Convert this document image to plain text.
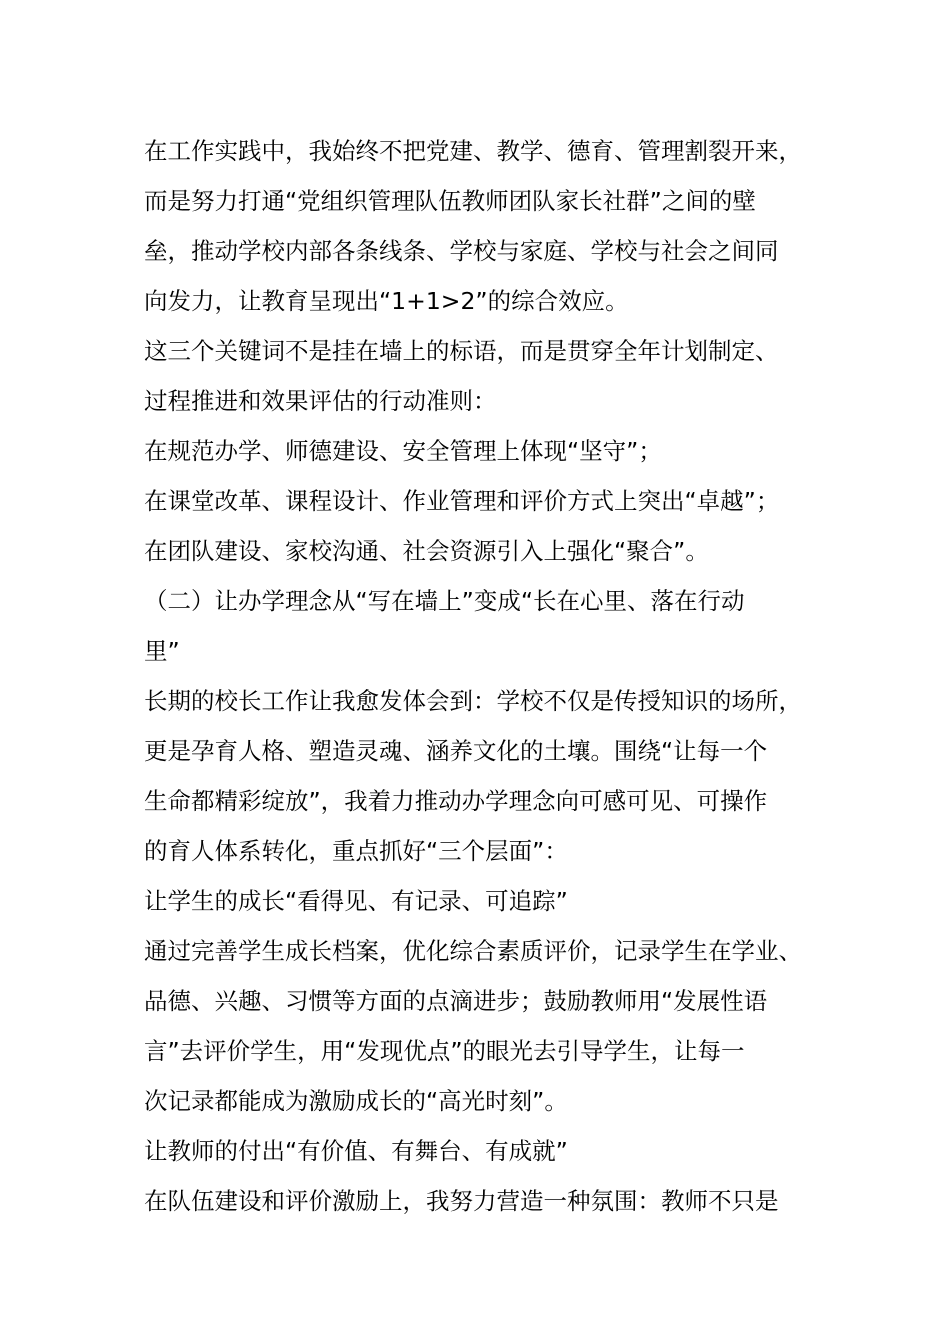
在工作实践中，我始终不把党建、教学、德育、管理割裂开来，
而是努力打通“党组织管理队伍教师团队家长社群”之间的壁
垒，推动学校内部各条线条、学校与家庭、学校与社会之间同
向发力，让教育呈现出“1+1>2”的综合效应。
这三个关键词不是挂在墙上的标语，而是贯穿全年计划制定、
过程推进和效果评估的行动准则：
在规范办学、师德建设、安全管理上体现“坚守”；
在课堂改革、课程设计、作业管理和评价方式上突出“卓越”；
在团队建设、家校沟通、社会资源引入上强化“聚合”。
（二）让办学理念从“写在墙上”变成“长在心里、落在行动
里”
长期的校长工作让我愈发体会到：学校不仅是传授知识的场所，
更是孕育人格、塑造灵魂、涵养文化的土壤。围绕“让每一个
生命都精彩绽放”，我着力推动办学理念向可感可见、可操作
的育人体系转化，重点抓好“三个层面”：
让学生的成长“看得见、有记录、可追踪”
通过完善学生成长档案，优化综合素质评价，记录学生在学业、
品德、兴趣、习惯等方面的点滴进步；鼓励教师用“发展性语
言”去评价学生，用“发现优点”的眼光去引导学生，让每一
次记录都能成为激励成长的“高光时刻”。
让教师的付出“有价值、有舞台、有成就”
在队伍建设和评价激励上，我努力营造一种氛围：教师不只是
